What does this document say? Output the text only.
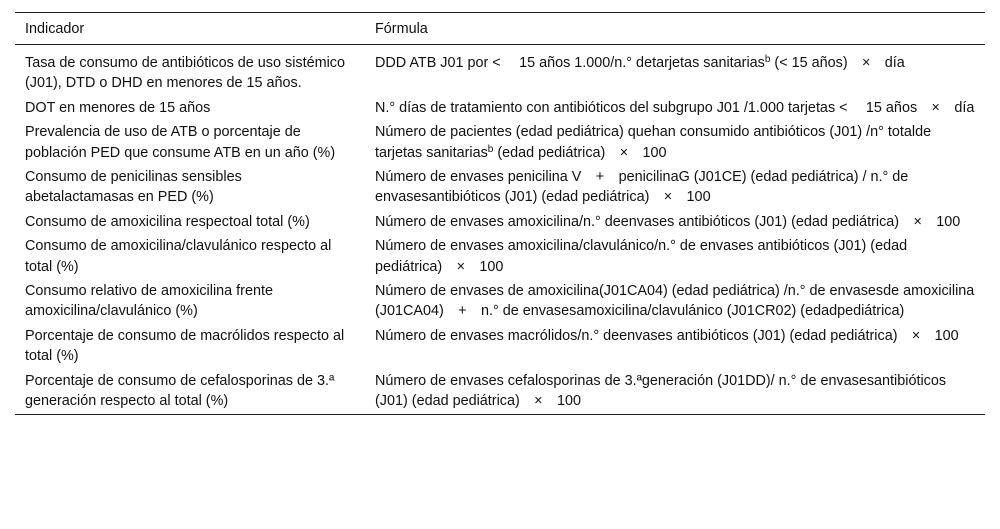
Indicador	Fórmula
Tasa de consumo de antibióticos de uso sistémico (J01), DTD o DHD en menores de 15 años.	DDD ATB J01 por <  15 años 1.000/n.° detarjetas sanitarias$^b$ (< 15 años) × día
DOT en menores de 15 años	N.° días de tratamiento con antibióticos del subgrupo J01 /1.000 tarjetas <  15 años × día
Prevalencia de uso de ATB o porcentaje de población PED que consume ATB en un año (%)	Número de pacientes (edad pediátrica) quehan consumido antibióticos (J01) /n° totalde tarjetas sanitarias$^b$ (edad pediátrica) × 100
Consumo de penicilinas sensibles abetalactamasas en PED (%)	Número de envases penicilina V + penicilinaG (J01CE) (edad pediátrica) / n.° de envasesantibióticos (J01) (edad pediátrica) × 100
Consumo de amoxicilina respectoal total (%)	Número de envases amoxicilina/n.° deenvases antibióticos (J01) (edad pediátrica) × 100
Consumo de amoxicilina/clavulánico respecto al total (%)	Número de envases amoxicilina/clavulánico/n.° de envases antibióticos (J01) (edad pediátrica) × 100
Consumo relativo de amoxicilina frente amoxicilina/clavulánico (%)	Número de envases de amoxicilina(J01CA04) (edad pediátrica) /n.° de envasesde amoxicilina (J01CA04) + n.° de envasesamoxicilina/clavulánico (J01CR02) (edadpediátrica)
Porcentaje de consumo de macrólidos respecto al total (%)	Número de envases macrólidos/n.° deenvases antibióticos (J01) (edad pediátrica) × 100
Porcentaje de consumo de cefalosporinas de 3.ª generación respecto al total (%)	Número de envases cefalosporinas de 3.ªgeneración (J01DD)/ n.° de envasesantibióticos (J01) (edad pediátrica) × 100
